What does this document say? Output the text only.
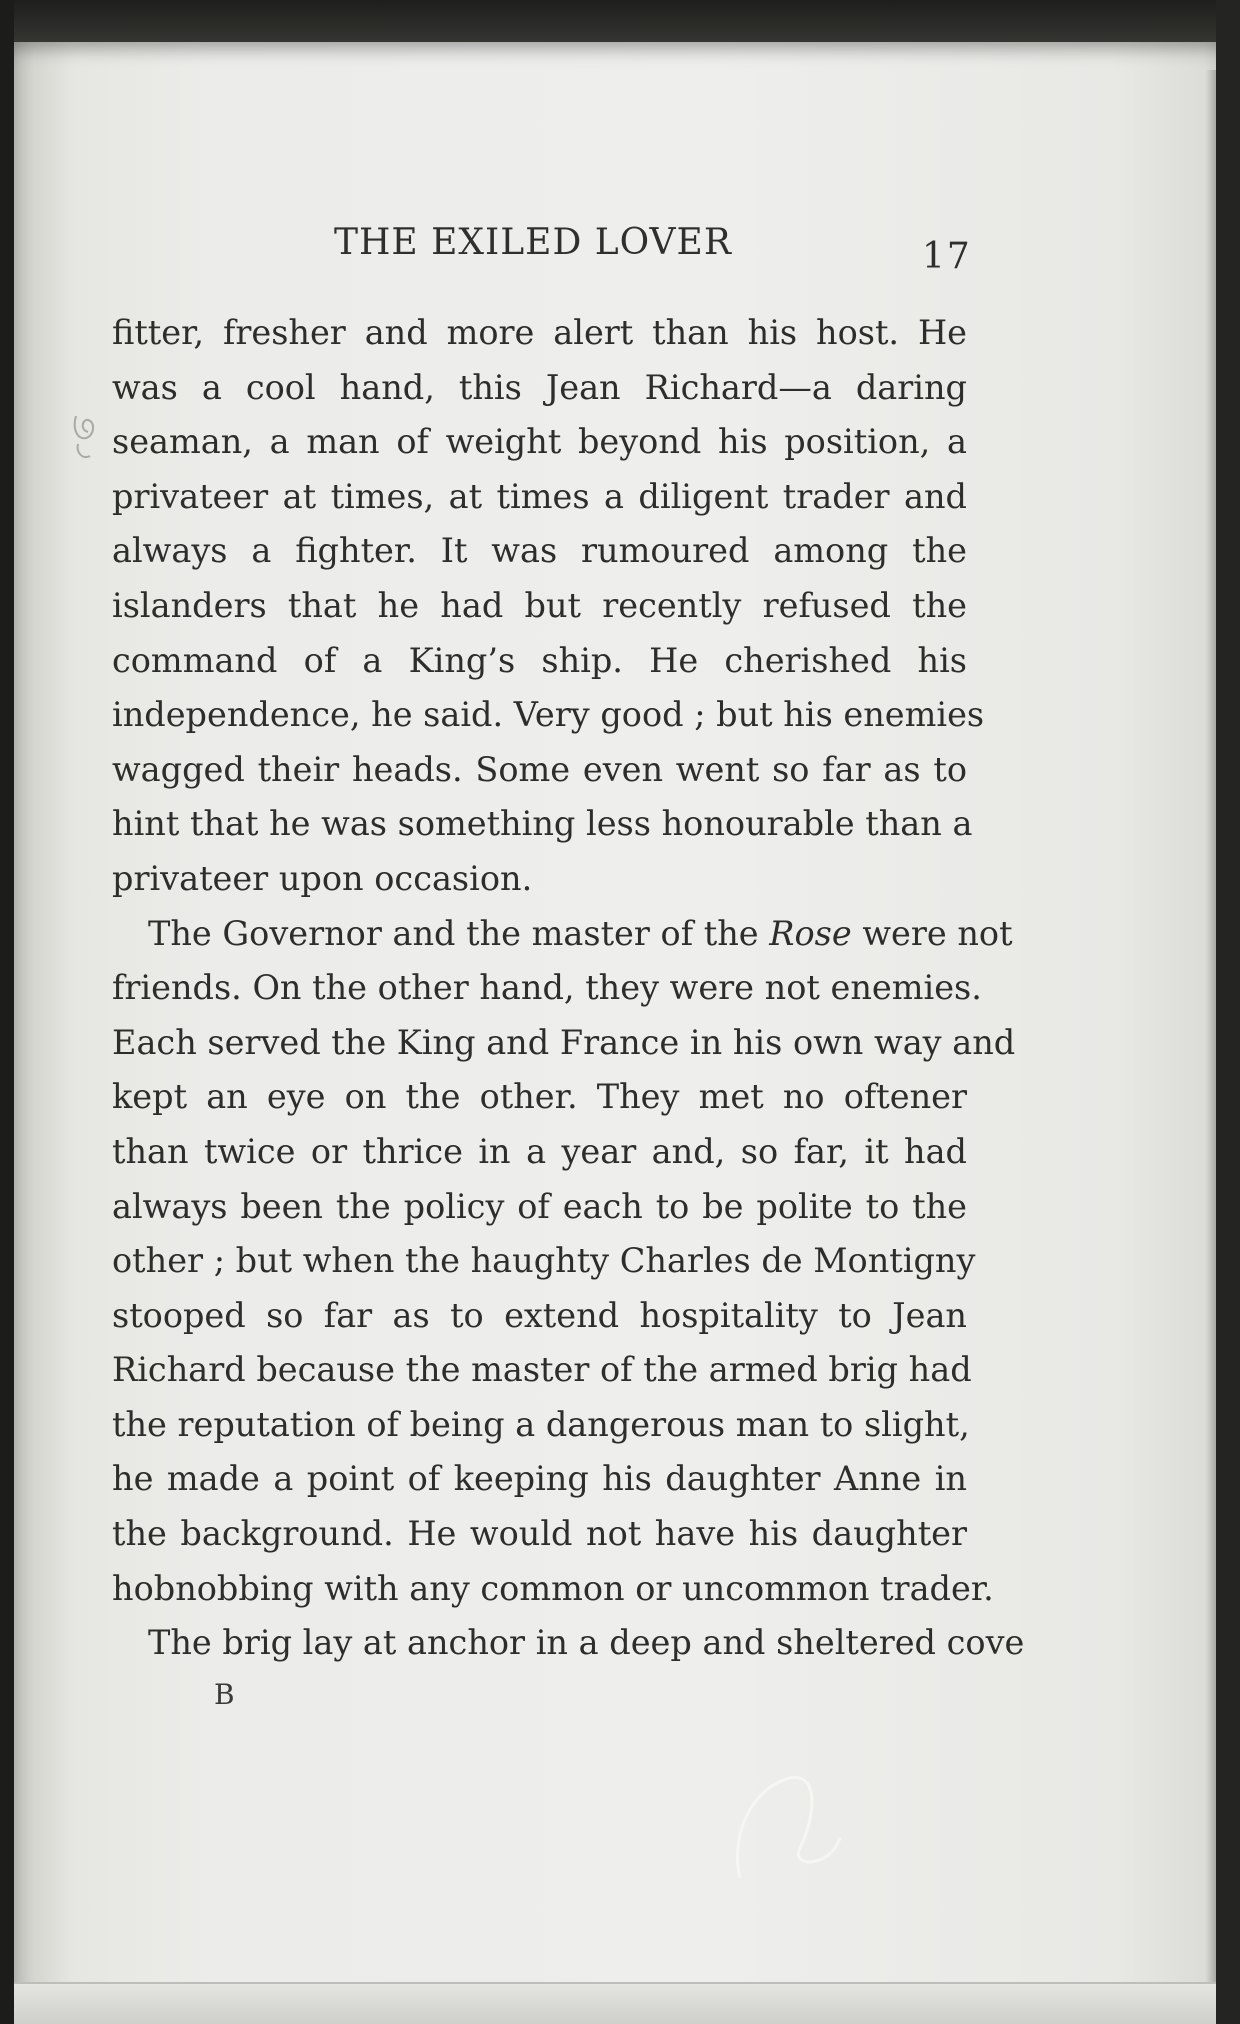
THE EXILED LOVER	17

fitter, fresher and more alert than his host. He
was a cool hand, this Jean Richard—a daring
seaman, a man of weight beyond his position, a
privateer at times, at times a diligent trader and
always a fighter. It was rumoured among the
islanders that he had but recently refused the
command of a King’s ship. He cherished his
independence, he said. Very good ; but his enemies
wagged their heads. Some even went so far as to
hint that he was something less honourable than a
privateer upon occasion.

The Governor and the master of the Rose were not
friends. On the other hand, they were not enemies.
Each served the King and France in his own way and
kept an eye on the other. They met no oftener
than twice or thrice in a year and, so far, it had
always been the policy of each to be polite to the
other ; but when the haughty Charles de Montigny
stooped so far as to extend hospitality to Jean
Richard because the master of the armed brig had
the reputation of being a dangerous man to slight,
he made a point of keeping his daughter Anne in
the background. He would not have his daughter
hobnobbing with any common or uncommon trader.

The brig lay at anchor in a deep and sheltered cove

B
